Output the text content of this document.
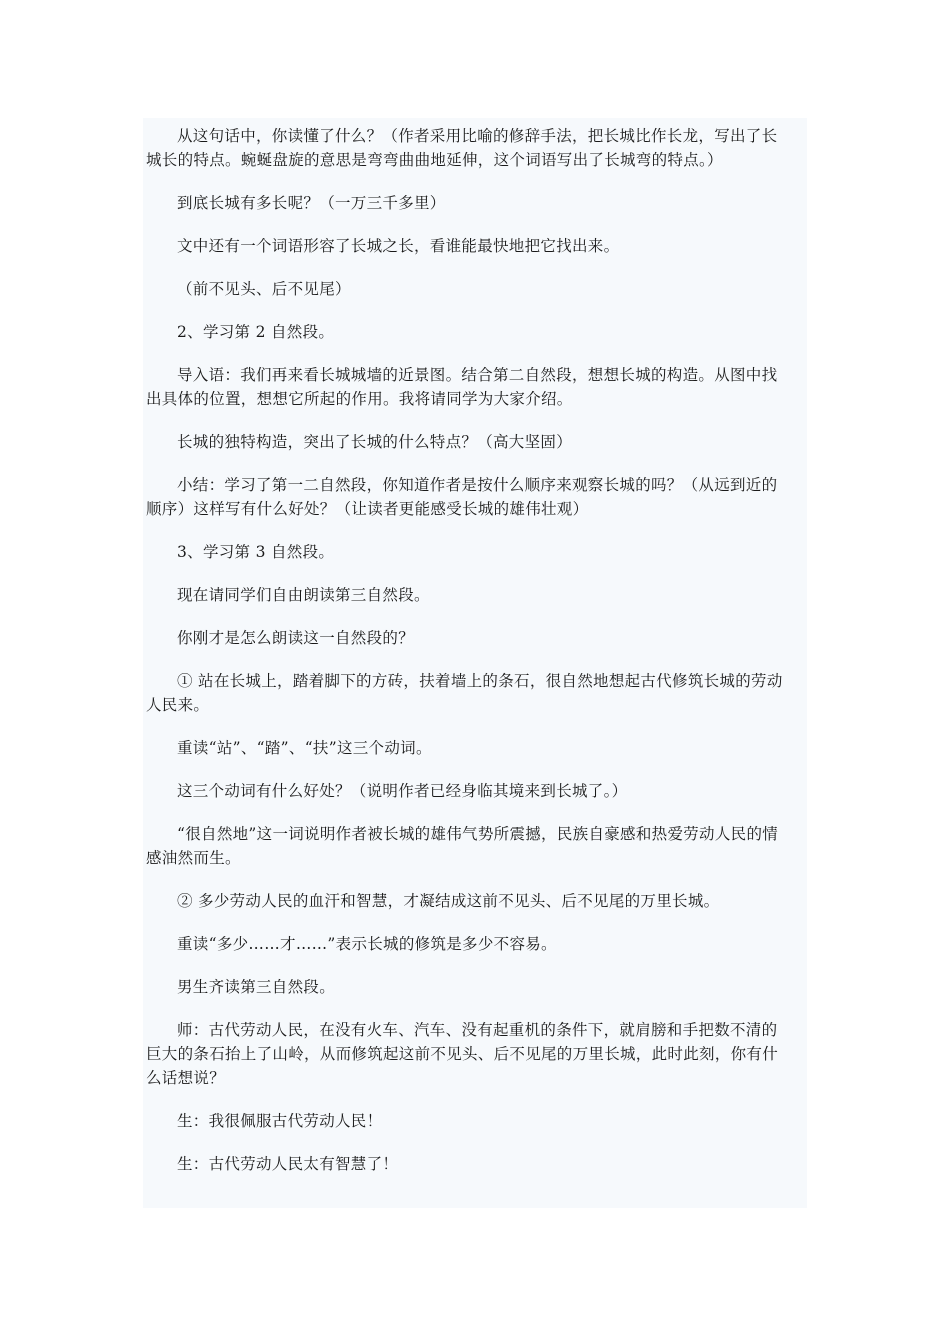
从这句话中，你读懂了什么？（作者采用比喻的修辞手法，把长城比作长龙，写出了长城长的特点。蜿蜒盘旋的意思是弯弯曲曲地延伸，这个词语写出了长城弯的特点。）

到底长城有多长呢？（一万三千多里）

文中还有一个词语形容了长城之长，看谁能最快地把它找出来。

（前不见头、后不见尾）

2、学习第 2 自然段。

导入语：我们再来看长城城墙的近景图。结合第二自然段，想想长城的构造。从图中找出具体的位置，想想它所起的作用。我将请同学为大家介绍。

长城的独特构造，突出了长城的什么特点？（高大坚固）

小结：学习了第一二自然段，你知道作者是按什么顺序来观察长城的吗？（从远到近的顺序）这样写有什么好处？（让读者更能感受长城的雄伟壮观）

3、学习第 3 自然段。

现在请同学们自由朗读第三自然段。

你刚才是怎么朗读这一自然段的？

① 站在长城上，踏着脚下的方砖，扶着墙上的条石，很自然地想起古代修筑长城的劳动人民来。

重读“站”、“踏”、“扶”这三个动词。

这三个动词有什么好处？（说明作者已经身临其境来到长城了。）

“很自然地”这一词说明作者被长城的雄伟气势所震撼，民族自豪感和热爱劳动人民的情感油然而生。

② 多少劳动人民的血汗和智慧，才凝结成这前不见头、后不见尾的万里长城。

重读“多少……才……”表示长城的修筑是多少不容易。

男生齐读第三自然段。

师：古代劳动人民，在没有火车、汽车、没有起重机的条件下，就肩膀和手把数不清的巨大的条石抬上了山岭，从而修筑起这前不见头、后不见尾的万里长城，此时此刻，你有什么话想说？

生：我很佩服古代劳动人民！

生：古代劳动人民太有智慧了！
